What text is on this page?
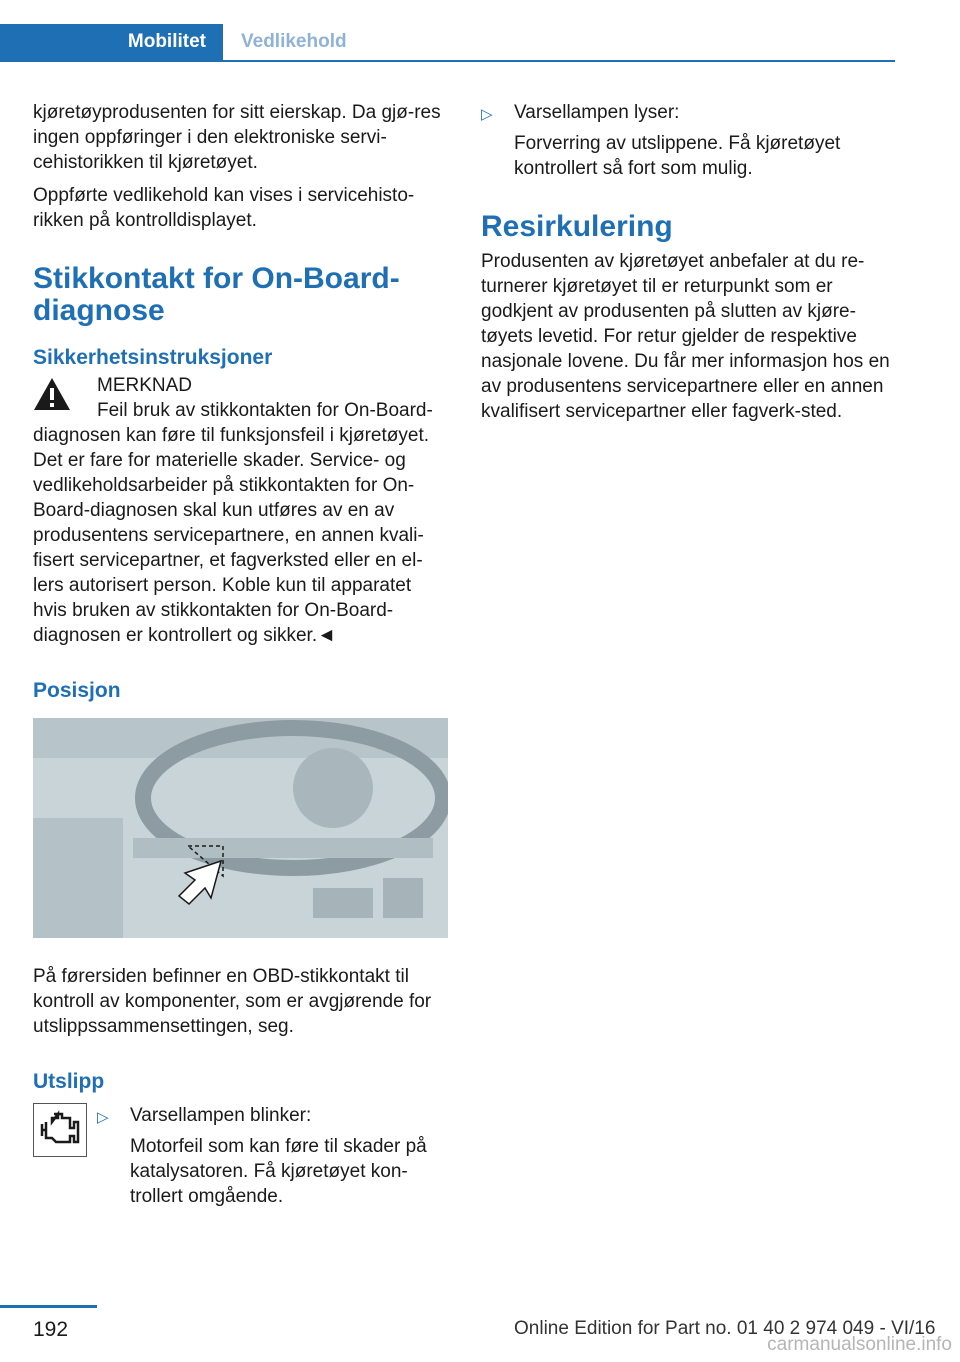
Mobilitet	Vedlikehold

kjøretøyprodusenten for sitt eierskap. Da gjø-res ingen oppføringer i den elektroniske servi-cehistorikken til kjøretøyet.

Oppførte vedlikehold kan vises i servicehisto-rikken på kontrolldisplayet.

Stikkontakt for On-Board-diagnose
Sikkerhetsinstruksjoner
MERKNAD
Feil bruk av stikkontakten for On-Board-
diagnosen kan føre til funksjonsfeil i kjøretøyet. Det er fare for materielle skader. Service- og vedlikeholdsarbeider på stikkontakten for On-Board-diagnosen skal kun utføres av en av produsentens servicepartnere, en annen kvali-fisert servicepartner, et fagverksted eller en el-lers autorisert person. Koble kun til apparatet hvis bruken av stikkontakten for On-Board-diagnosen er kontrollert og sikker.◄
Posisjon

På førersiden befinner en OBD-stikkontakt til kontroll av komponenter, som er avgjørende for utslippssammensettingen, seg.

Utslipp
▷ Varsellampen blinker:
Motorfeil som kan føre til skader på katalysatoren. Få kjøretøyet kon-trollert omgående.
▷ Varsellampen lyser:
Forverring av utslippene. Få kjøretøyet kontrollert så fort som mulig.
Resirkulering

Produsenten av kjøretøyet anbefaler at du re-turnerer kjøretøyet til er returpunkt som er godkjent av produsenten på slutten av kjøre-tøyets levetid. For retur gjelder de respektive nasjonale lovene. Du får mer informasjon hos en av produsentens servicepartnere eller en annen kvalifisert servicepartner eller fagverk-sted.

192	Online Edition for Part no. 01 40 2 974 049 - VI/16
carmanualsonline.info
